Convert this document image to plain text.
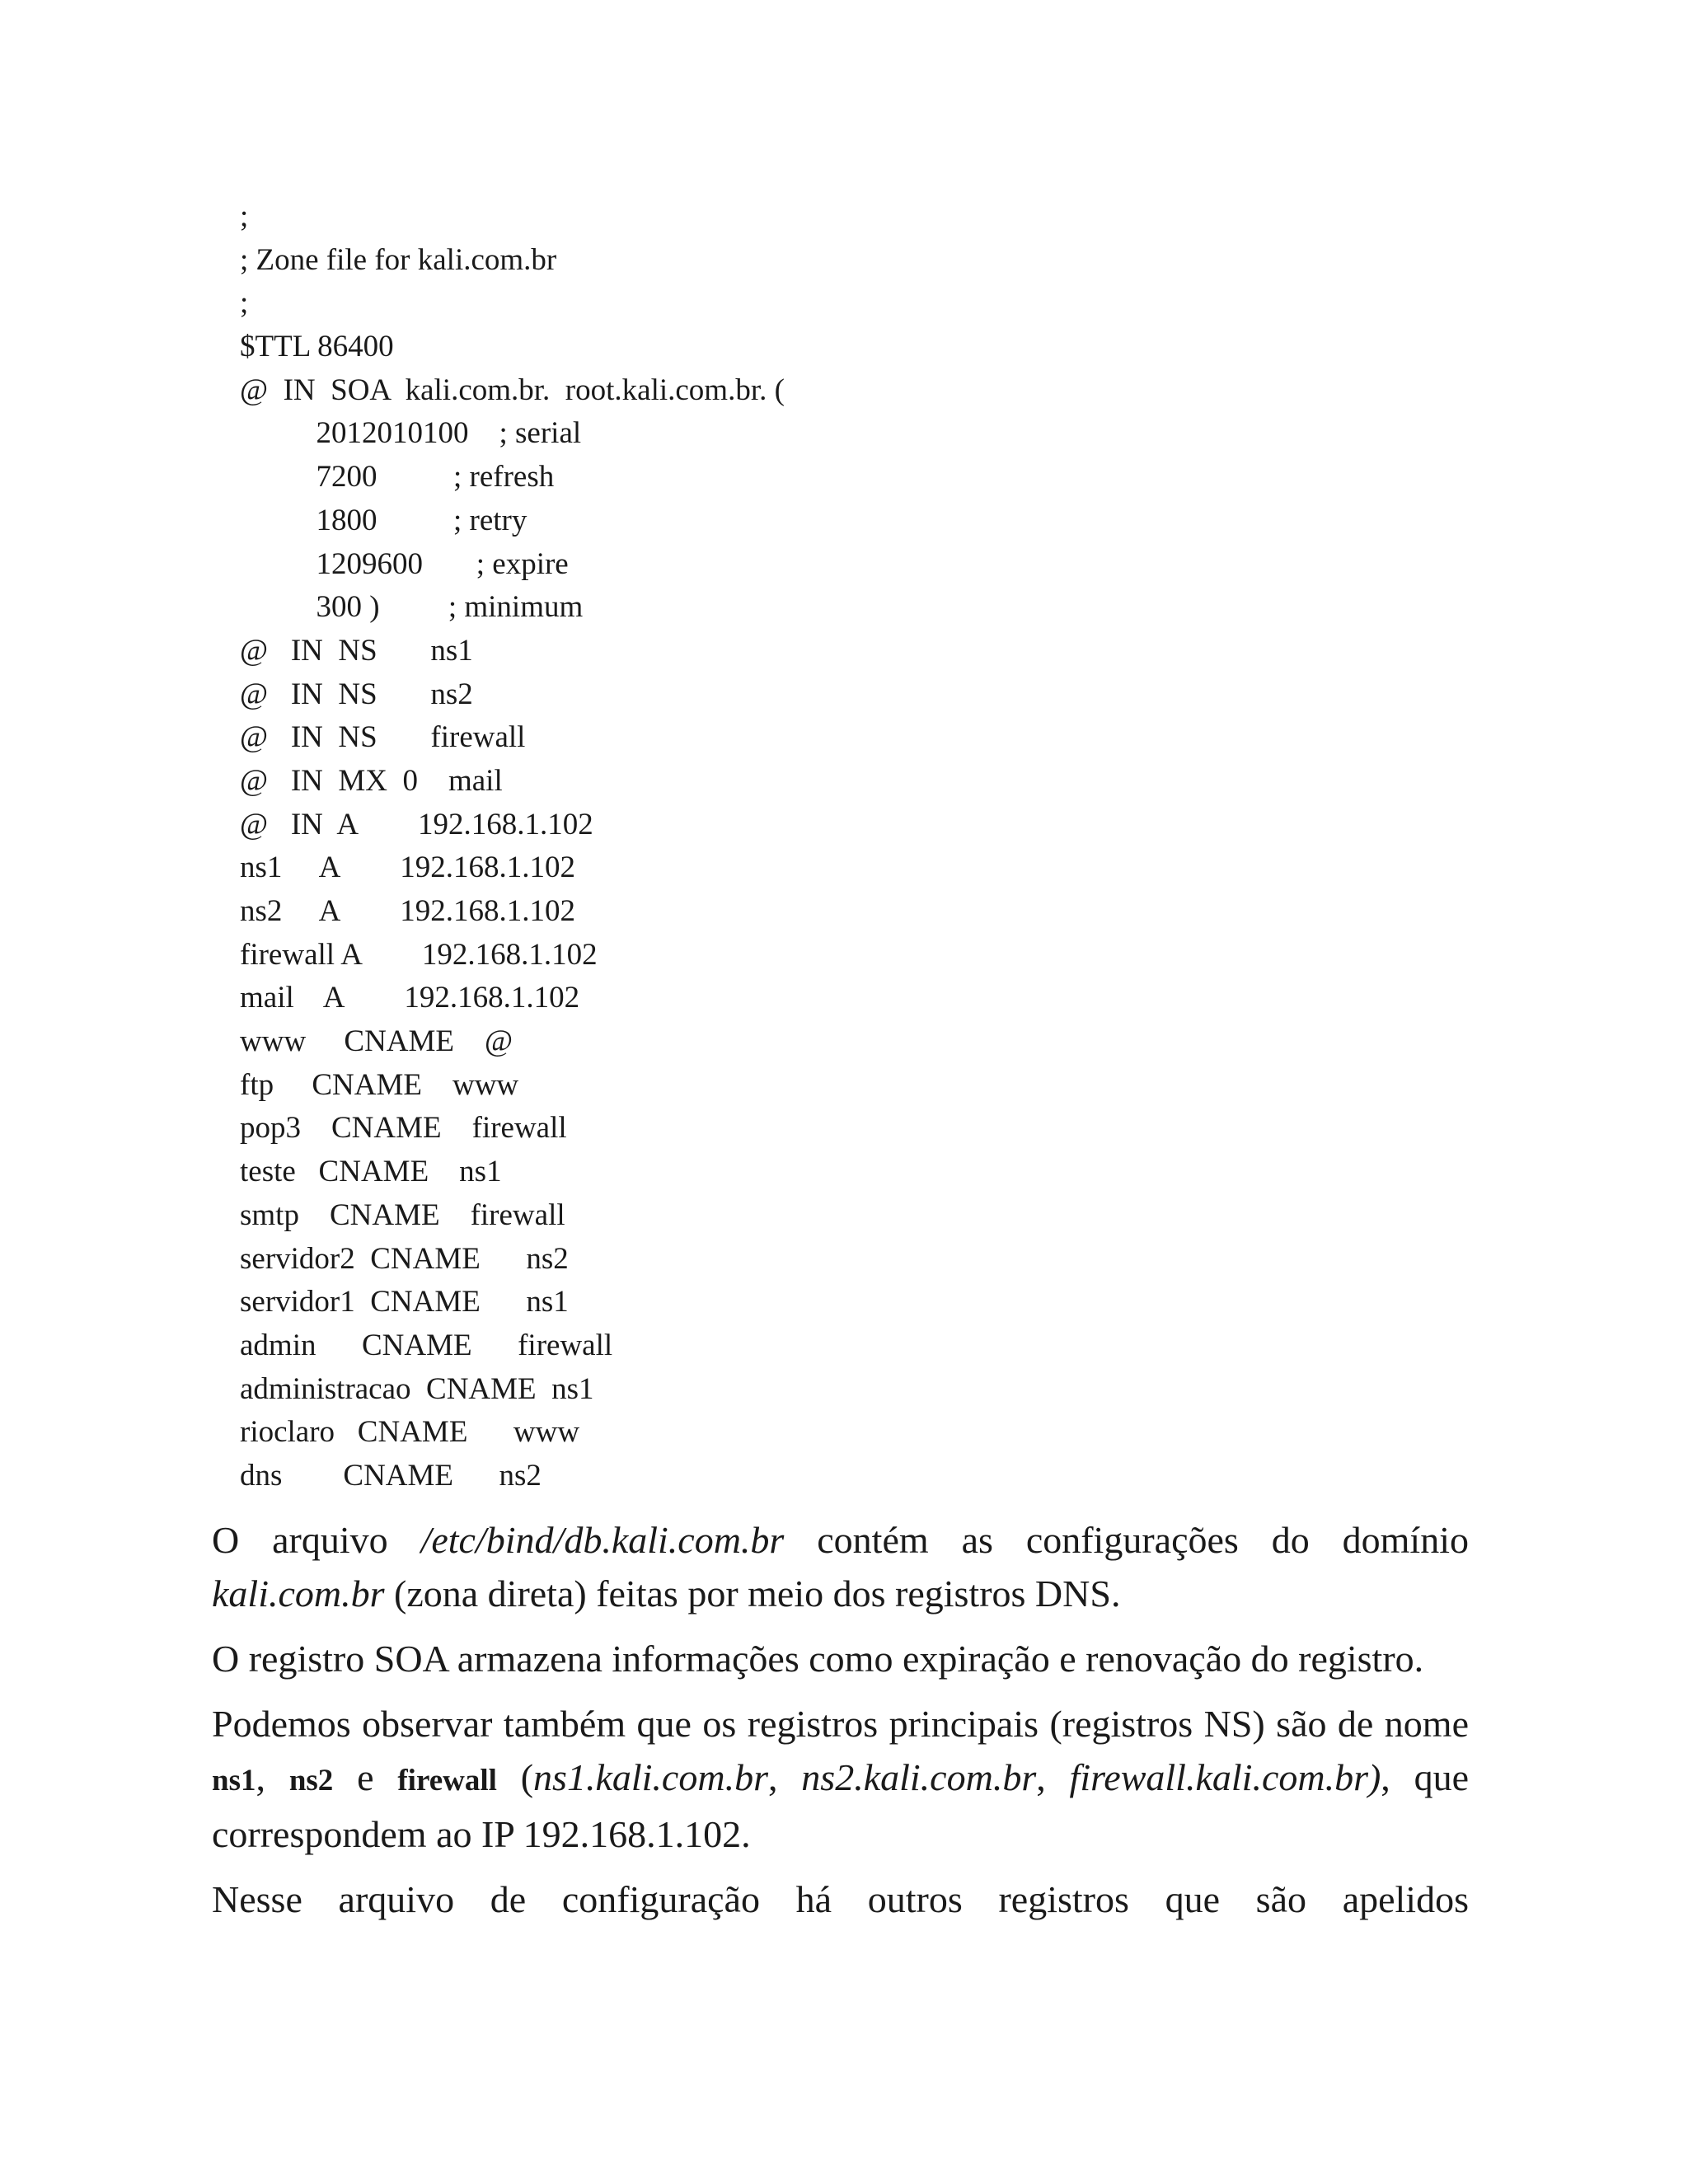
;
; Zone file for kali.com.br
;
$TTL 86400
@  IN  SOA  kali.com.br.  root.kali.com.br. (
2012010100    ; serial
7200          ; refresh
1800          ; retry
1209600       ; expire
300 )         ; minimum
@   IN  NS       ns1
@   IN  NS       ns2
@   IN  NS       firewall
@   IN  MX  0    mail
@   IN  A        192.168.1.102
ns1     A        192.168.1.102
ns2     A        192.168.1.102
firewall A        192.168.1.102
mail    A        192.168.1.102
www     CNAME    @
ftp     CNAME    www
pop3    CNAME    firewall
teste   CNAME    ns1
smtp    CNAME    firewall
servidor2  CNAME      ns2
servidor1  CNAME      ns1
admin      CNAME      firewall
administracao  CNAME  ns1
rioclaro   CNAME      www
dns        CNAME      ns2

O arquivo /etc/bind/db.kali.com.br contém as configurações do domínio kali.com.br (zona direta) feitas por meio dos registros DNS.

O registro SOA armazena informações como expiração e renovação do registro.

Podemos observar também que os registros principais (registros NS) são de nome ns1, ns2 e firewall (ns1.kali.com.br, ns2.kali.com.br, firewall.kali.com.br), que correspondem ao IP 192.168.1.102.

Nesse arquivo de configuração há outros registros que são apelidos
